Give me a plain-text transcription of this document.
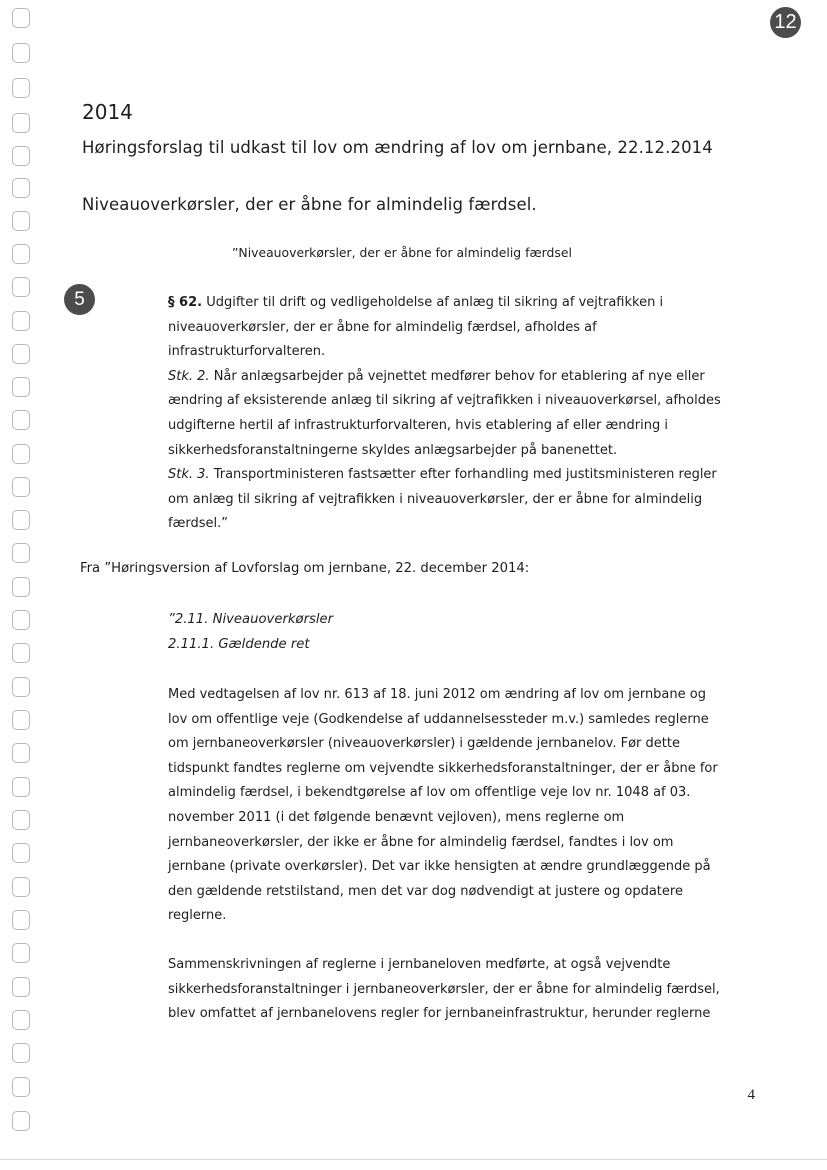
12
5
2014
Høringsforslag til udkast til lov om ændring af lov om jernbane, 22.12.2014
Niveauoverkørsler, der er åbne for almindelig færdsel.
”Niveauoverkørsler, der er åbne for almindelig færdsel

§ 62. Udgifter til drift og vedligeholdelse af anlæg til sikring af vejtrafikken i

niveauoverkørsler, der er åbne for almindelig færdsel, afholdes af

infrastrukturforvalteren.

Stk. 2. Når anlægsarbejder på vejnettet medfører behov for etablering af nye eller

ændring af eksisterende anlæg til sikring af vejtrafikken i niveauoverkørsel, afholdes

udgifterne hertil af infrastrukturforvalteren, hvis etablering af eller ændring i

sikkerhedsforanstaltningerne skyldes anlægsarbejder på banenettet.

Stk. 3. Transportministeren fastsætter efter forhandling med justitsministeren regler

om anlæg til sikring af vejtrafikken i niveauoverkørsler, der er åbne for almindelig

færdsel.”

Fra ”Høringsversion af Lovforslag om jernbane, 22. december 2014:

”2.11. Niveauoverkørsler

2.11.1. Gældende ret

Med vedtagelsen af lov nr. 613 af 18. juni 2012 om ændring af lov om jernbane og

lov om offentlige veje (Godkendelse af uddannelsessteder m.v.) samledes reglerne

om jernbaneoverkørsler (niveauoverkørsler) i gældende jernbanelov. Før dette

tidspunkt fandtes reglerne om vejvendte sikkerhedsforanstaltninger, der er åbne for

almindelig færdsel, i bekendtgørelse af lov om offentlige veje lov nr. 1048 af 03.

november 2011 (i det følgende benævnt vejloven), mens reglerne om

jernbaneoverkørsler, der ikke er åbne for almindelig færdsel, fandtes i lov om

jernbane (private overkørsler). Det var ikke hensigten at ændre grundlæggende på

den gældende retstilstand, men det var dog nødvendigt at justere og opdatere

reglerne.

Sammenskrivningen af reglerne i jernbaneloven medførte, at også vejvendte

sikkerhedsforanstaltninger i jernbaneoverkørsler, der er åbne for almindelig færdsel,

blev omfattet af jernbanelovens regler for jernbaneinfrastruktur, herunder reglerne

4
